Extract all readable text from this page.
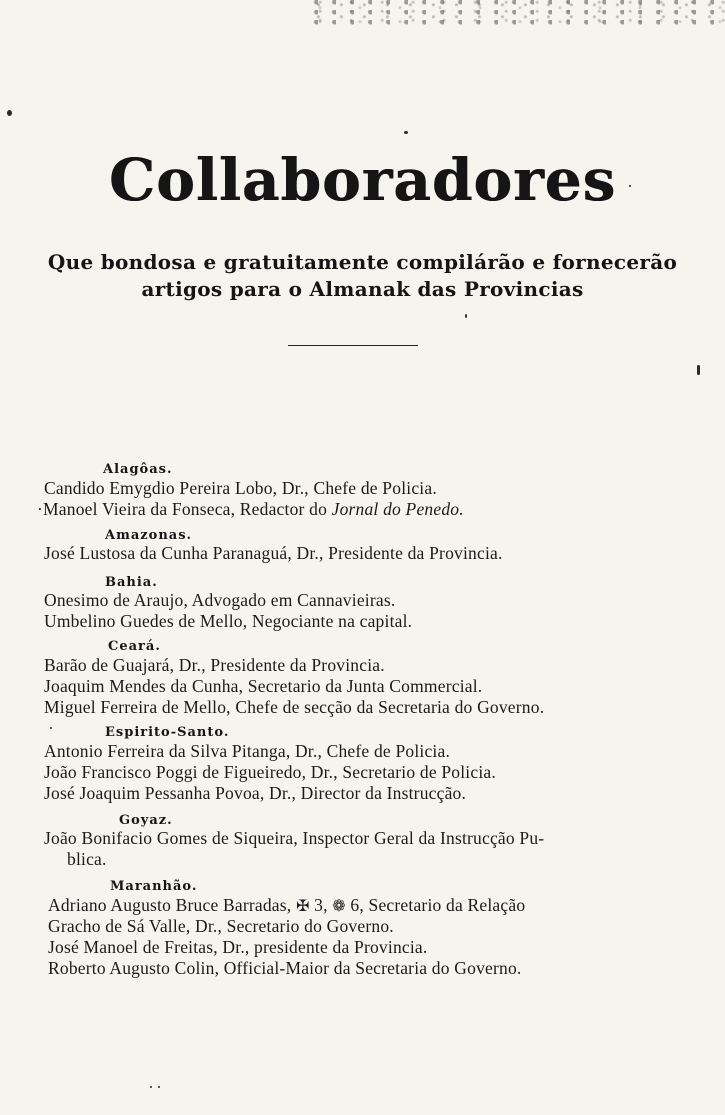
Collaboradores
Que bondosa e gratuitamente compilárão e fornecerão
artigos para o Almanak das Provincias
Alagôas.
Candido Emygdio Pereira Lobo, Dr., Chefe de Policia.
·Manoel Vieira da Fonseca, Redactor do Jornal do Penedo.
Amazonas.
José Lustosa da Cunha Paranaguá, Dr., Presidente da Provincia.
Bahia.
Onesimo de Araujo, Advogado em Cannavieiras.
Umbelino Guedes de Mello, Negociante na capital.
Ceará.
Barão de Guajará, Dr., Presidente da Provincia.
Joaquim Mendes da Cunha, Secretario da Junta Commercial.
Miguel Ferreira de Mello, Chefe de secção da Secretaria do Governo.
Espirito-Santo.
Antonio Ferreira da Silva Pitanga, Dr., Chefe de Policia.
João Francisco Poggi de Figueiredo, Dr., Secretario de Policia.
José Joaquim Pessanha Povoa, Dr., Director da Instrucção.
Goyaz.
João Bonifacio Gomes de Siqueira, Inspector Geral da Instrucção Pu-
blica.
Maranhão.
Adriano Augusto Bruce Barradas, ✠ 3, ❁ 6, Secretario da Relação
Gracho de Sá Valle, Dr., Secretario do Governo.
José Manoel de Freitas, Dr., presidente da Provincia.
Roberto Augusto Colin, Official-Maior da Secretaria do Governo.
